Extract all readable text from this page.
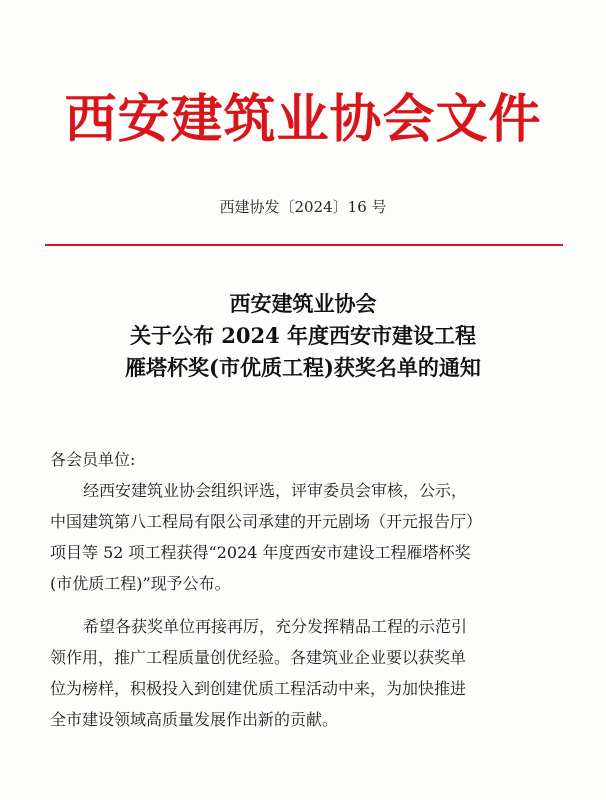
西安建筑业协会文件
西建协发〔2024〕16 号
西安建筑业协会
关于公布 2024 年度西安市建设工程
雁塔杯奖(市优质工程)获奖名单的通知
各会员单位:
经西安建筑业协会组织评选，评审委员会审核，公示，
中国建筑第八工程局有限公司承建的开元剧场（开元报告厅）
项目等 52 项工程获得“2024 年度西安市建设工程雁塔杯奖
(市优质工程)”现予公布。
希望各获奖单位再接再厉，充分发挥精品工程的示范引
领作用，推广工程质量创优经验。各建筑业企业要以获奖单
位为榜样，积极投入到创建优质工程活动中来，为加快推进
全市建设领域高质量发展作出新的贡献。
